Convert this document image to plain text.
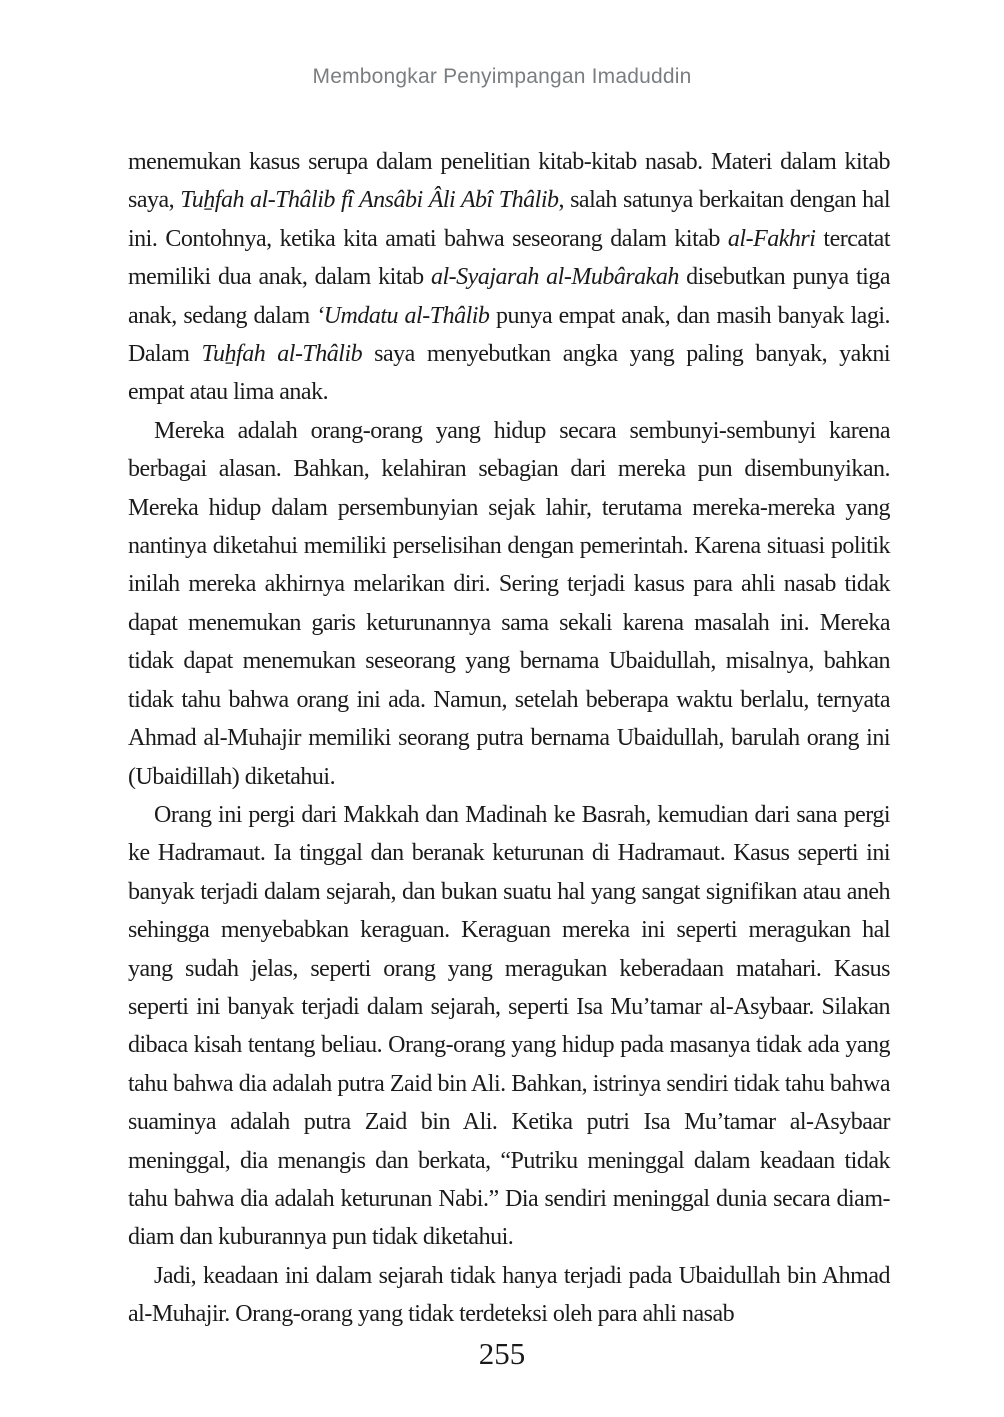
Membongkar Penyimpangan Imaduddin

menemukan kasus serupa dalam penelitian kitab-kitab nasab. Materi dalam kitab saya, Tuẖfah al-Thâlib fî Ansâbi Âli Abî Thâlib, salah satunya berkaitan dengan hal ini. Contohnya, ketika kita amati bahwa seseorang dalam kitab al-Fakhri tercatat memiliki dua anak, dalam kitab al-Syajarah al-Mubârakah disebutkan punya tiga anak, sedang dalam ‘Umdatu al-Thâlib punya empat anak, dan masih banyak lagi. Dalam Tuẖfah al-Thâlib saya menyebutkan angka yang paling banyak, yakni empat atau lima anak.

Mereka adalah orang-orang yang hidup secara sembunyi-sembunyi karena berbagai alasan. Bahkan, kelahiran sebagian dari mereka pun disembunyikan. Mereka hidup dalam persembunyian sejak lahir, terutama mereka-mereka yang nantinya diketahui memiliki perselisihan dengan pemerintah. Karena situasi politik inilah mereka akhirnya melarikan diri. Sering terjadi kasus para ahli nasab tidak dapat menemukan garis keturunannya sama sekali karena masalah ini. Mereka tidak dapat menemukan seseorang yang bernama Ubaidullah, misalnya, bahkan tidak tahu bahwa orang ini ada. Namun, setelah beberapa waktu berlalu, ternyata Ahmad al-Muhajir memiliki seorang putra bernama Ubaidullah, barulah orang ini (Ubaidillah) diketahui.

Orang ini pergi dari Makkah dan Madinah ke Basrah, kemudian dari sana pergi ke Hadramaut. Ia tinggal dan beranak keturunan di Hadramaut. Kasus seperti ini banyak terjadi dalam sejarah, dan bukan suatu hal yang sangat signifikan atau aneh sehingga menyebabkan keraguan. Keraguan mereka ini seperti meragukan hal yang sudah jelas, seperti orang yang meragukan keberadaan matahari. Kasus seperti ini banyak terjadi dalam sejarah, seperti Isa Mu’tamar al-Asybaar. Silakan dibaca kisah tentang beliau. Orang-orang yang hidup pada masanya tidak ada yang tahu bahwa dia adalah putra Zaid bin Ali. Bahkan, istrinya sendiri tidak tahu bahwa suaminya adalah putra Zaid bin Ali. Ketika putri Isa Mu’tamar al-Asybaar meninggal, dia menangis dan berkata, “Putriku meninggal dalam keadaan tidak tahu bahwa dia adalah keturunan Nabi.” Dia sendiri meninggal dunia secara diam-diam dan kuburannya pun tidak diketahui.

Jadi, keadaan ini dalam sejarah tidak hanya terjadi pada Ubaidullah bin Ahmad al-Muhajir. Orang-orang yang tidak terdeteksi oleh para ahli nasab

255
